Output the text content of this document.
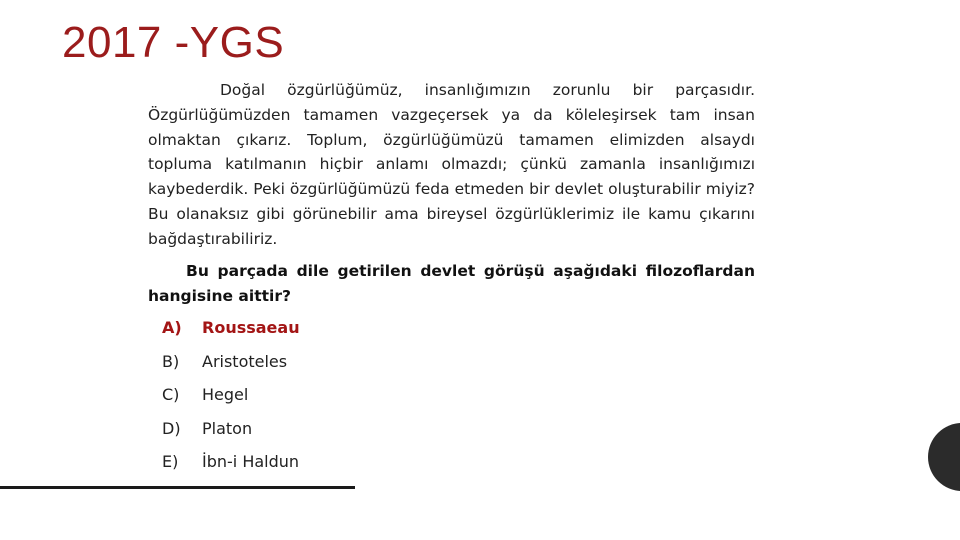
2017 -YGS

Doğal özgürlüğümüz, insanlığımızın zorunlu bir parçasıdır. Özgürlüğümüzden tamamen vazgeçersek ya da köleleşirsek tam insan olmaktan çıkarız. Toplum, özgürlüğümüzü tamamen elimizden alsaydı topluma katılmanın hiçbir anlamı olmazdı; çünkü zamanla insanlığımızı kaybederdik. Peki özgürlüğümüzü feda etmeden bir devlet oluşturabilir miyiz? Bu olanaksız gibi görünebilir ama bireysel özgürlüklerimiz ile kamu çıkarını bağdaştırabiliriz.

Bu parçada dile getirilen devlet görüşü aşağıdaki filozoflardan hangisine aittir?

A) Roussaeau
B) Aristoteles
C) Hegel
D) Platon
E) İbn-i Haldun
